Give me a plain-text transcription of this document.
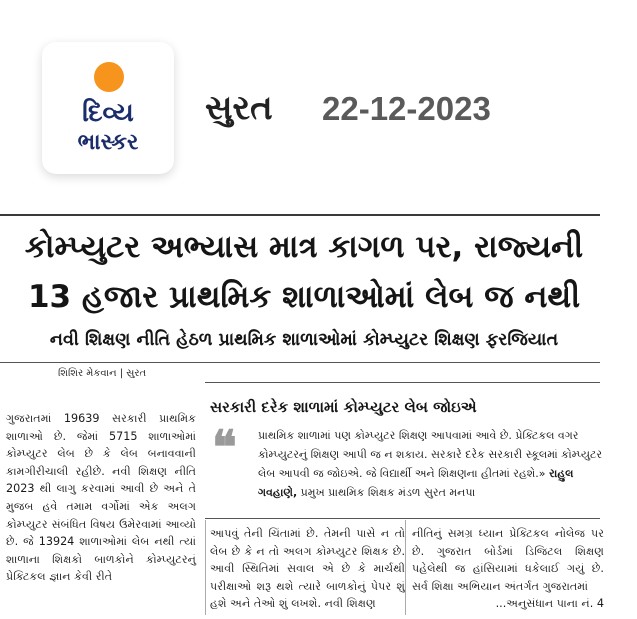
દિવ્ય
ભાસ્કર
સુરત 22-12-2023
કોમ્પ્યુટર અભ્યાસ માત્ર કાગળ પર, રાજ્યની
13 હજાર પ્રાથમિક શાળાઓમાં લેબ જ નથી
નવી શિક્ષણ નીતિ હેઠળ પ્રાથમિક શાળાઓમાં કોમ્પ્યુટર શિક્ષણ ફરજિયાત
શિશિર મેકવાન | સુરત
સરકારી દરેક શાળામાં કોમ્પ્યુટર લેબ જોઇએ
❝ પ્રાથમિક શાળામાં પણ કોમ્પ્યુટર શિક્ષણ આપવામાં આવે છે. પ્રેક્ટિકલ વગર કોમ્પ્યુટરનું શિક્ષણ આપી જ ન શકાય. સરકારે દરેક સરકારી સ્કૂલમાં કોમ્પ્યુટર લેબ આપવી જ જોઇએ. જે વિદ્યાર્થી અને શિક્ષણના હીતમાં રહશે.» રાહુલ ગવહાણે, પ્રમુખ પ્રાથમિક શિક્ષક મંડળ સુરત મનપા

ગુજરાતમાં 19639 સરકારી પ્રાથમિક શાળાઓ છે. જેમાં 5715 શાળાઓમાં કોમ્પ્યુટર લેબ છે કે લેબ બનાવવાની કામગીરીચાલી રહીછે. નવી શિક્ષણ નીતિ 2023 થી લાગુ કરવામાં આવી છે અને તે મુજબ હવે તમામ વર્ગોમાં એક અલગ કોમ્પ્યુટર સંબંધિત વિષય ઉમેરવામાં આવ્યો છે. જે 13924 શાળાઓમાં લેબ નથી ત્યાં શાળાના શિક્ષકો બાળકોને કોમ્પ્યુટરનું પ્રેક્ટિકલ જ્ઞાન કેવી રીતે

આપવું તેની ચિંતામાં છે. તેમની પાસે ન તો લેબ છે કે ન તો અલગ કોમ્પ્યુટર શિક્ષક છે. આવી સ્થિતિમાં સવાલ એ છે કે માર્ચથી પરીક્ષાઓ શરૂ થશે ત્યારે બાળકોનું પેપર શું હશે અને તેઓ શું લખશે. નવી શિક્ષણ

નીતિનું સમગ્ર ધ્યાન પ્રેક્ટિકલ નોલેજ પર છે. ગુજરાત બોર્ડમાં ડિજિટલ શિક્ષણ પહેલેથી જ હાંસિયામાં ધકેલાઈ ગયું છે. સર્વ શિક્ષા અભિયાન અંતર્ગત ગુજરાતમાં

...અનુસંધાન પાના નં. 4
